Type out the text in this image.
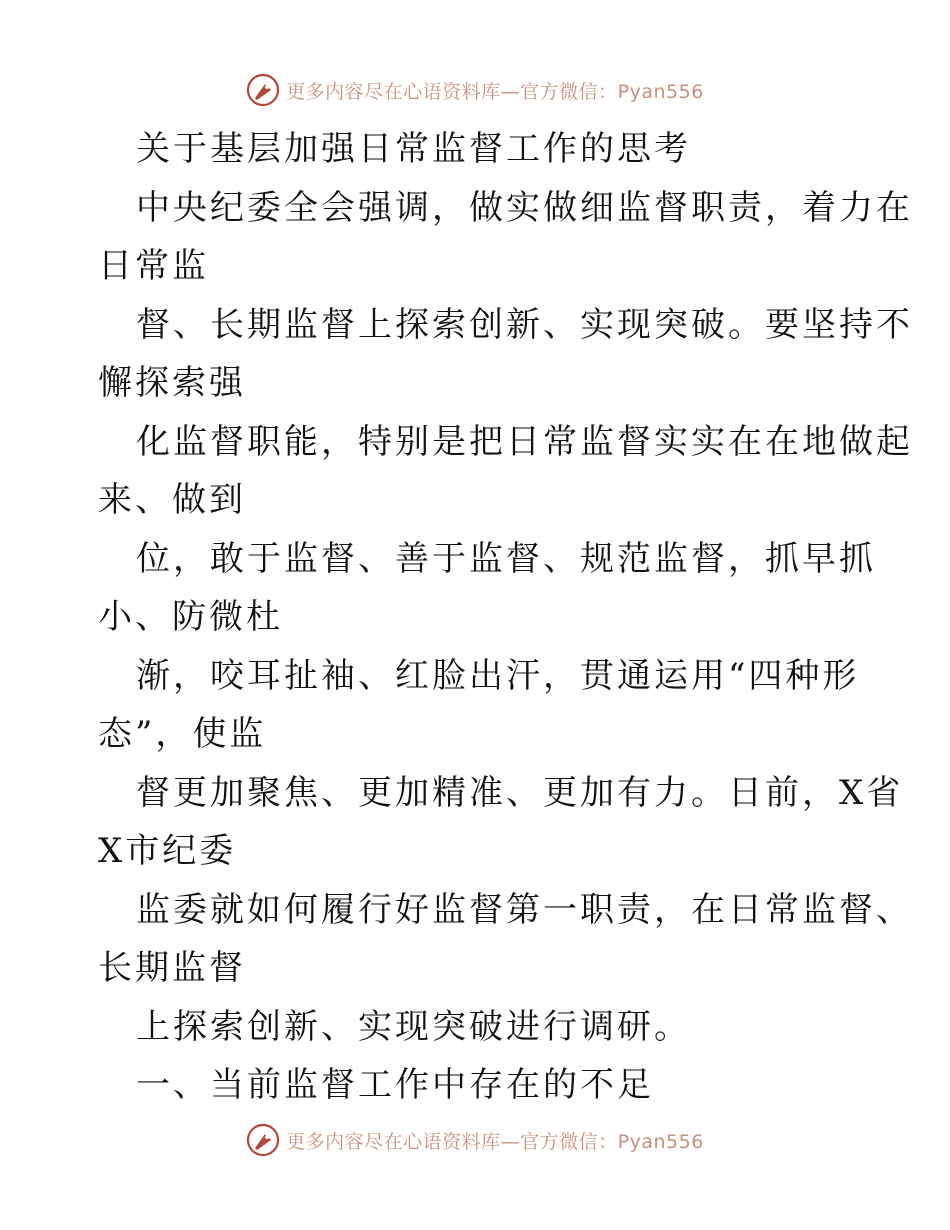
更多内容尽在心语资料库—官方微信：Pyan556
关于基层加强日常监督工作的思考
中央纪委全会强调，做实做细监督职责，着力在
日常监
督、长期监督上探索创新、实现突破。要坚持不
懈探索强
化监督职能，特别是把日常监督实实在在地做起
来、做到
位，敢于监督、善于监督、规范监督，抓早抓
小、防微杜
渐，咬耳扯袖、红脸出汗，贯通运用“四种形
态”，使监
督更加聚焦、更加精准、更加有力。日前，X省
X市纪委
监委就如何履行好监督第一职责，在日常监督、
长期监督
上探索创新、实现突破进行调研。
一、当前监督工作中存在的不足
更多内容尽在心语资料库—官方微信：Pyan556
